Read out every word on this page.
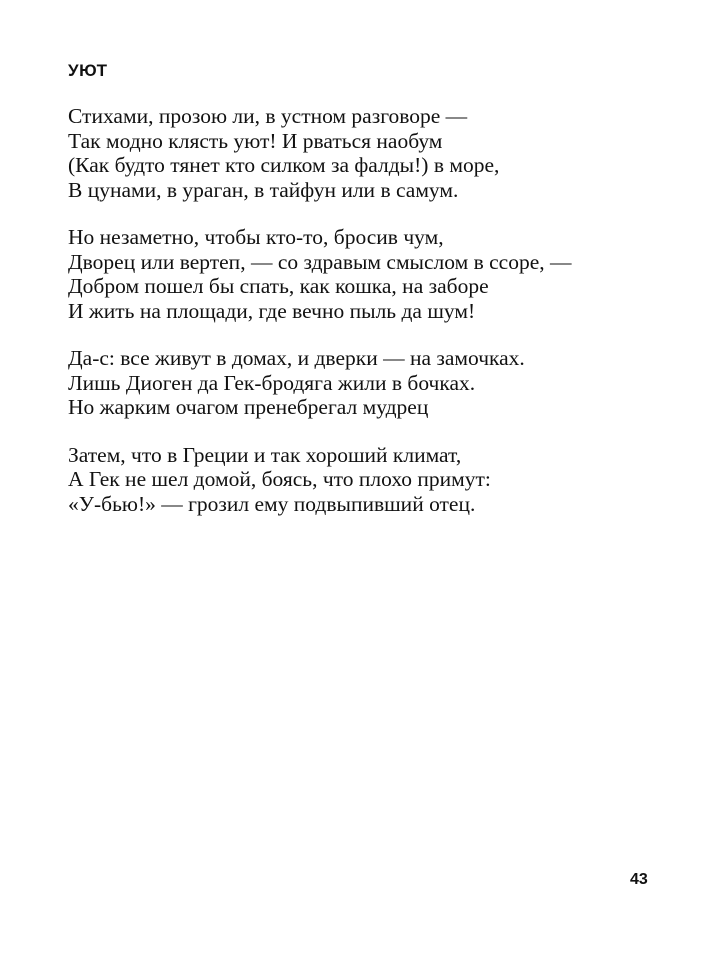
УЮТ
Стихами, прозою ли, в устном разговоре —
Так модно клясть уют! И рваться наобум
(Как будто тянет кто силком за фалды!) в море,
В цунами, в ураган, в тайфун или в самум.
Но незаметно, чтобы кто-то, бросив чум,
Дворец или вертеп, — со здравым смыслом в ссоре, —
Добром пошел бы спать, как кошка, на заборе
И жить на площади, где вечно пыль да шум!
Да-с: все живут в домах, и дверки — на замочках.
Лишь Диоген да Гек-бродяга жили в бочках.
Но жарким очагом пренебрегал мудрец
Затем, что в Греции и так хороший климат,
А Гек не шел домой, боясь, что плохо примут:
«У-бью!» — грозил ему подвыпивший отец.
43
